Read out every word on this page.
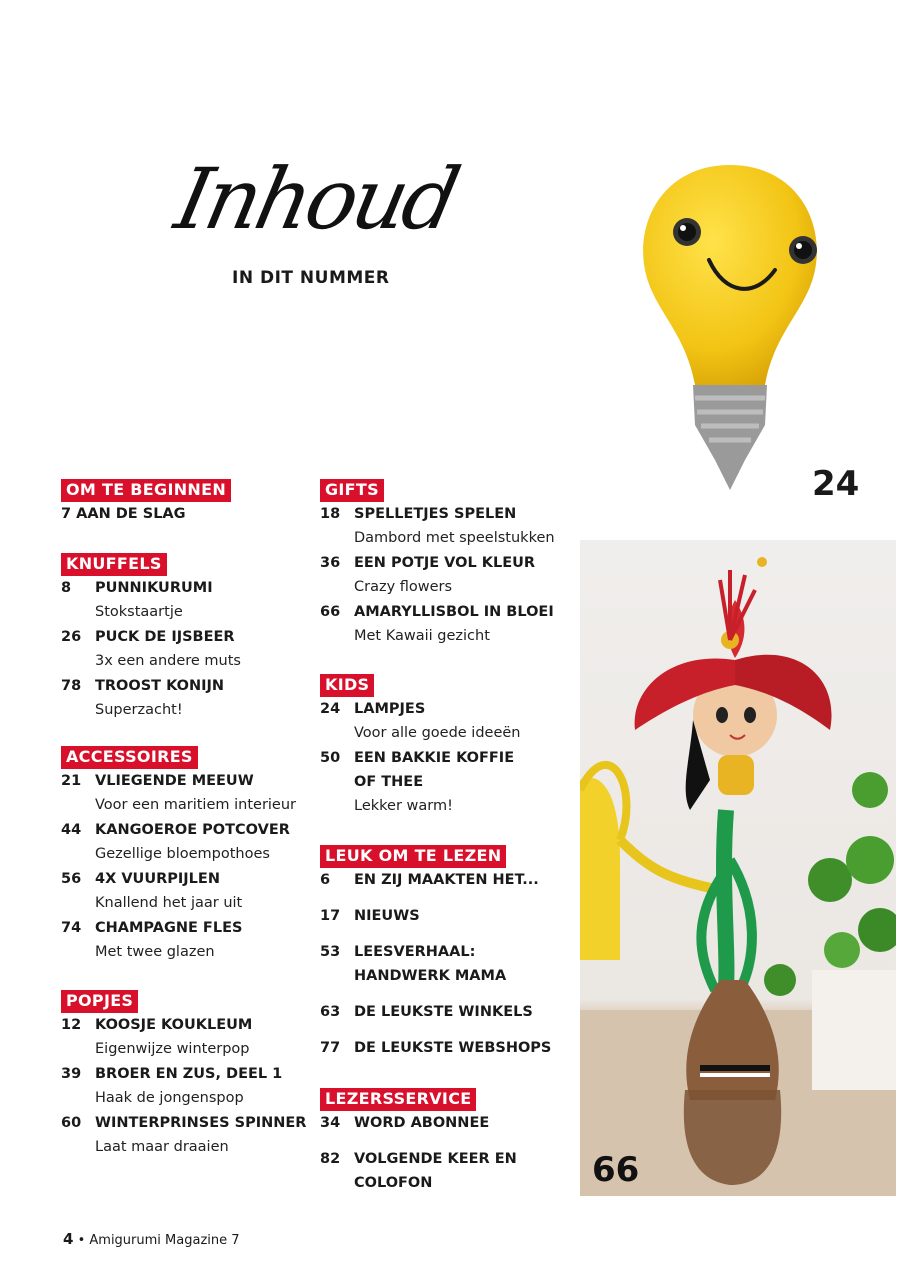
Inhoud
IN DIT NUMMER
OM TE BEGINNEN
7 AAN DE SLAG
KNUFFELS
8 PUNNIKURUMI
Stokstaartje
26 PUCK DE IJSBEER
3x een andere muts
78 TROOST KONIJN
Superzacht!
ACCESSOIRES
21 VLIEGENDE MEEUW
Voor een maritiem interieur
44 KANGOEROE POTCOVER
Gezellige bloempothoes
56 4X VUURPIJLEN
Knallend het jaar uit
74 CHAMPAGNE FLES
Met twee glazen
POPJES
12 KOOSJE KOUKLEUM
Eigenwijze winterpop
39 BROER EN ZUS, DEEL 1
Haak de jongenspop
60 WINTERPRINSES SPINNER
Laat maar draaien
GIFTS
18 SPELLETJES SPELEN
Dambord met speelstukken
36 EEN POTJE VOL KLEUR
Crazy flowers
66 AMARYLLISBOL IN BLOEI
Met Kawaii gezicht
KIDS
24 LAMPJES
Voor alle goede ideeën
50 EEN BAKKIE KOFFIE
OF THEE
Lekker warm!
LEUK OM TE LEZEN
6 EN ZIJ MAAKTEN HET...
17 NIEUWS
53 LEESVERHAAL:
HANDWERK MAMA
63 DE LEUKSTE WINKELS
77 DE LEUKSTE WEBSHOPS
LEZERSSERVICE
34 WORD ABONNEE
82 VOLGENDE KEER EN
COLOFON
24
66
4 • Amigurumi Magazine 7
